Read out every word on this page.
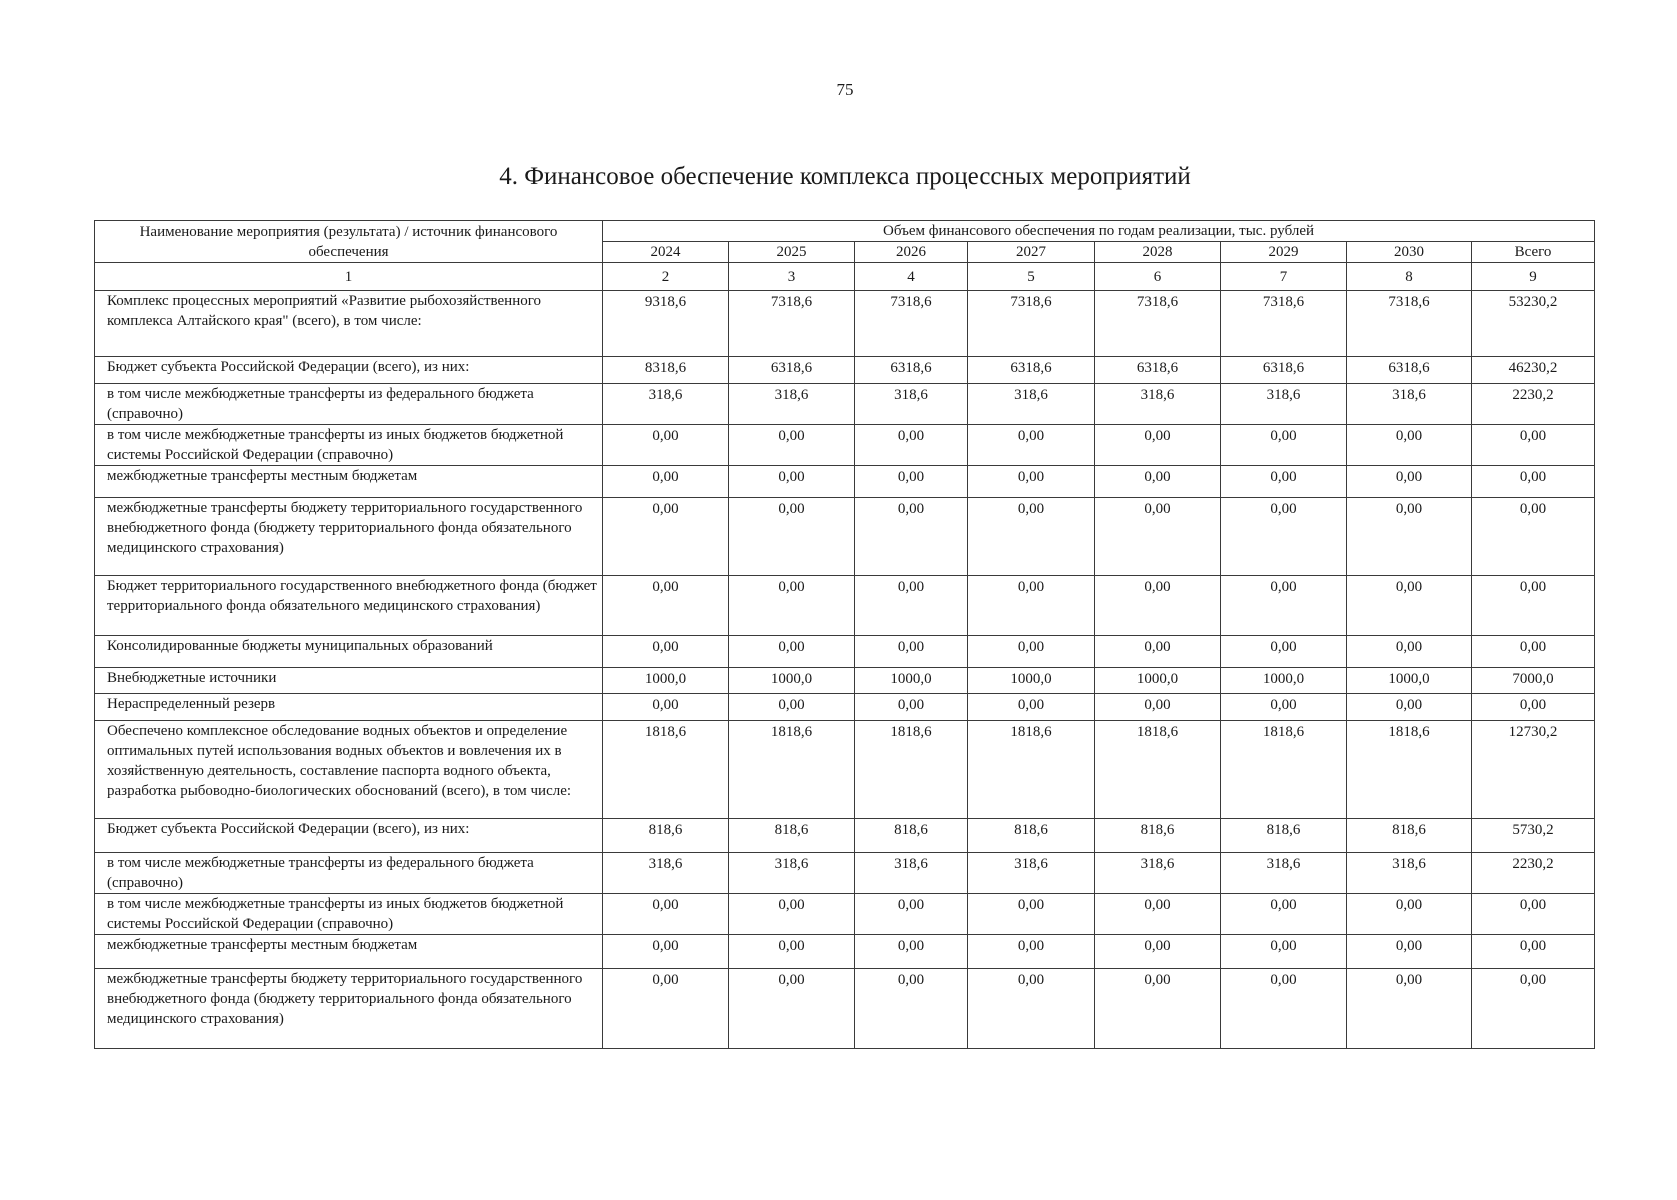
75
4. Финансовое обеспечение комплекса процессных мероприятий
Наименование мероприятия (результата) / источник финансового обеспечения	Объем финансового обеспечения по годам реализации, тыс. рублей							
	2024	2025	2026	2027	2028	2029	2030	Всего
1	2	3	4	5	6	7	8	9
Комплекс процессных мероприятий «Развитие рыбохозяйственного комплекса Алтайского края" (всего), в том числе:	9318,6	7318,6	7318,6	7318,6	7318,6	7318,6	7318,6	53230,2
Бюджет субъекта Российской Федерации (всего), из них:	8318,6	6318,6	6318,6	6318,6	6318,6	6318,6	6318,6	46230,2
в том числе межбюджетные трансферты из федерального бюджета (справочно)	318,6	318,6	318,6	318,6	318,6	318,6	318,6	2230,2
в том числе межбюджетные трансферты из иных бюджетов бюджетной системы Российской Федерации (справочно)	0,00	0,00	0,00	0,00	0,00	0,00	0,00	0,00
межбюджетные трансферты местным бюджетам	0,00	0,00	0,00	0,00	0,00	0,00	0,00	0,00
межбюджетные трансферты бюджету территориального государственного внебюджетного фонда (бюджету территориального фонда обязательного медицинского страхования)	0,00	0,00	0,00	0,00	0,00	0,00	0,00	0,00
Бюджет территориального государственного внебюджетного фонда (бюджет территориального фонда обязательного медицинского страхования)	0,00	0,00	0,00	0,00	0,00	0,00	0,00	0,00
Консолидированные бюджеты муниципальных образований	0,00	0,00	0,00	0,00	0,00	0,00	0,00	0,00
Внебюджетные источники	1000,0	1000,0	1000,0	1000,0	1000,0	1000,0	1000,0	7000,0
Нераспределенный резерв	0,00	0,00	0,00	0,00	0,00	0,00	0,00	0,00
Обеспечено комплексное обследование водных объектов и определение оптимальных путей использования водных объектов и вовлечения их в хозяйственную деятельность, составление паспорта водного объекта, разработка рыбоводно-биологических обоснований (всего), в том числе:	1818,6	1818,6	1818,6	1818,6	1818,6	1818,6	1818,6	12730,2
Бюджет субъекта Российской Федерации (всего), из них:	818,6	818,6	818,6	818,6	818,6	818,6	818,6	5730,2
в том числе межбюджетные трансферты из федерального бюджета (справочно)	318,6	318,6	318,6	318,6	318,6	318,6	318,6	2230,2
в том числе межбюджетные трансферты из иных бюджетов бюджетной системы Российской Федерации (справочно)	0,00	0,00	0,00	0,00	0,00	0,00	0,00	0,00
межбюджетные трансферты местным бюджетам	0,00	0,00	0,00	0,00	0,00	0,00	0,00	0,00
межбюджетные трансферты бюджету территориального государственного внебюджетного фонда (бюджету территориального фонда обязательного медицинского страхования)	0,00	0,00	0,00	0,00	0,00	0,00	0,00	0,00
